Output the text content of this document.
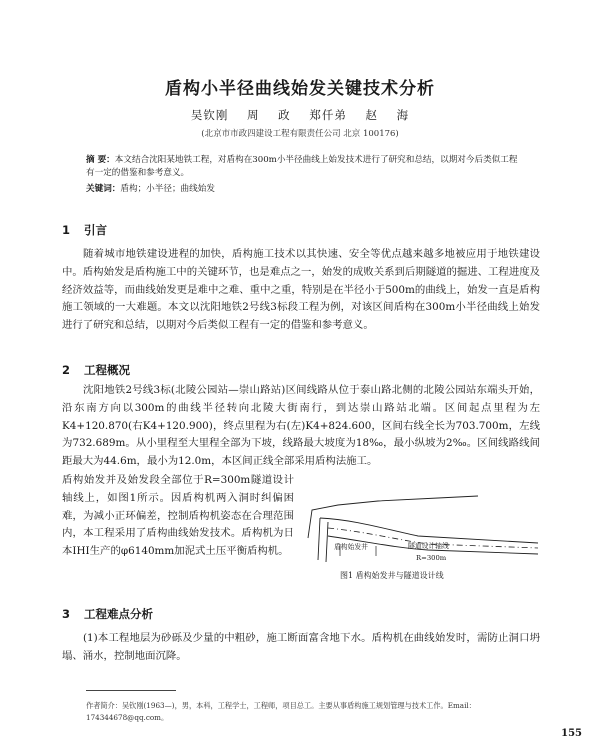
盾构小半径曲线始发关键技术分析
吴钦刚 周 政 郑仟弟 赵 海
(北京市市政四建设工程有限责任公司 北京 100176)
摘 要：本文结合沈阳某地铁工程，对盾构在300m小半径曲线上始发技术进行了研究和总结，以期对今后类似工程有一定的借鉴和参考意义。
关键词：盾构；小半径；曲线始发
1 引言

随着城市地铁建设进程的加快，盾构施工技术以其快速、安全等优点越来越多地被应用于地铁建设中。盾构始发是盾构施工中的关键环节，也是难点之一，始发的成败关系到后期隧道的掘进、工程进度及经济效益等，而曲线始发更是难中之难、重中之重，特别是在半径小于500m的曲线上，始发一直是盾构施工领域的一大难题。本文以沈阳地铁2号线3标段工程为例，对该区间盾构在300m小半径曲线上始发进行了研究和总结，以期对今后类似工程有一定的借鉴和参考意义。

2 工程概况

沈阳地铁2号线3标(北陵公园站—崇山路站)区间线路从位于泰山路北侧的北陵公园站东端头开始，沿东南方向以300m的曲线半径转向北陵大街南行，到达崇山路站北端。区间起点里程为左K4+120.870(右K4+120.900)，终点里程为右(左)K4+824.600，区间右线全长为703.700m，左线为732.689m。从小里程至大里程全部为下坡，线路最大坡度为18‰，最小纵坡为2‰。区间线路线间距最大为44.6m，最小为12.0m，本区间正线全部采用盾构法施工。

盾构始发并及始发段全部位于R=300m隧道设计轴线上，如图1所示。因盾构机两入洞时纠偏困难，为减小正环偏差，控制盾构机姿态在合理范围内，本工程采用了盾构曲线始发技术。盾构机为日本IHI生产的φ6140mm加泥式土压平衡盾构机。	盾构始发井	隧道设计轴线
R=300m
图1 盾构始发井与隧道设计线
3 工程难点分析

(1)本工程地层为砂砾及少量的中粗砂，施工断面富含地下水。盾构机在曲线始发时，需防止洞口坍塌、涌水，控制地面沉降。

作者简介：吴钦刚(1963—)，男，本科，工程学士，工程师，项目总工。主要从事盾构施工规划管理与技术工作。Email：174344678@qq.com。
155
